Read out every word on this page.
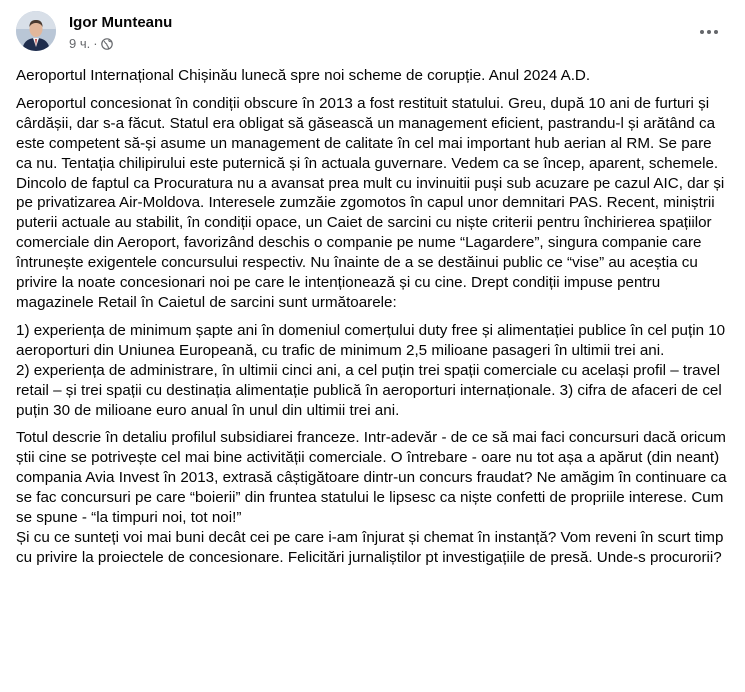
Igor Munteanu
9 ч. ·

Aeroportul Internațional Chișinău lunecă spre noi scheme de corupție. Anul 2024 A.D.

Aeroportul concesionat în condiții obscure în 2013 a fost restituit statului. Greu, după 10 ani de furturi și cârdășii, dar s-a făcut. Statul era obligat să găsească un management eficient, pastrandu-l și arătând ca este competent să-și asume un management de calitate în cel mai important hub aerian al RM. Se pare ca nu. Tentația chilipirului este puternică și în actuala guvernare. Vedem ca se încep, aparent, schemele. Dincolo de faptul ca Procuratura nu a avansat prea mult cu invinuitii puși sub acuzare pe cazul AIC, dar și pe privatizarea Air-Moldova. Interesele zumzăie zgomotos în capul unor demnitari PAS. Recent, miniștrii puterii actuale au stabilit, în condiții opace, un Caiet de sarcini cu niște criterii pentru închirierea spațiilor comerciale din Aeroport, favorizând deschis o companie pe nume “Lagardere”, singura companie care întrunește exigentele concursului respectiv. Nu înainte de a se destăinui public ce “vise” au aceștia cu privire la noate concesionari noi pe care le intenționează și cu cine. Drept condiții impuse pentru magazinele Retail în Caietul de sarcini sunt următoarele:

1) experiența de minimum șapte ani în domeniul comerțului duty free și alimentației publice în cel puțin 10 aeroporturi din Uniunea Europeană, cu trafic de minimum 2,5 milioane pasageri în ultimii trei ani.

2) experiența de administrare, în ultimii cinci ani, a cel puțin trei spații comerciale cu același profil – travel retail – și trei spații cu destinația alimentație publică în aeroporturi internaționale. 3) cifra de afaceri de cel puțin 30 de milioane euro anual în unul din ultimii trei ani.

Totul descrie în detaliu profilul subsidiarei franceze. Intr-adevăr - de ce să mai faci concursuri dacă oricum știi cine se potrivește cel mai bine activității comerciale. O întrebare - oare nu tot așa a apărut (din neant) compania Avia Invest în 2013, extrasă câștigătoare dintr-un concurs fraudat? Ne amăgim în continuare ca se fac concursuri pe care “boierii” din fruntea statului le lipsesc ca niște confetti de propriile interese. Cum se spune - “la timpuri noi, tot noi!”

Și cu ce sunteți voi mai buni decât cei pe care i-am înjurat și chemat în instanță? Vom reveni în scurt timp cu privire la proiectele de concesionare. Felicitări jurnaliștilor pt investigațiile de presă. Unde-s procurorii?
